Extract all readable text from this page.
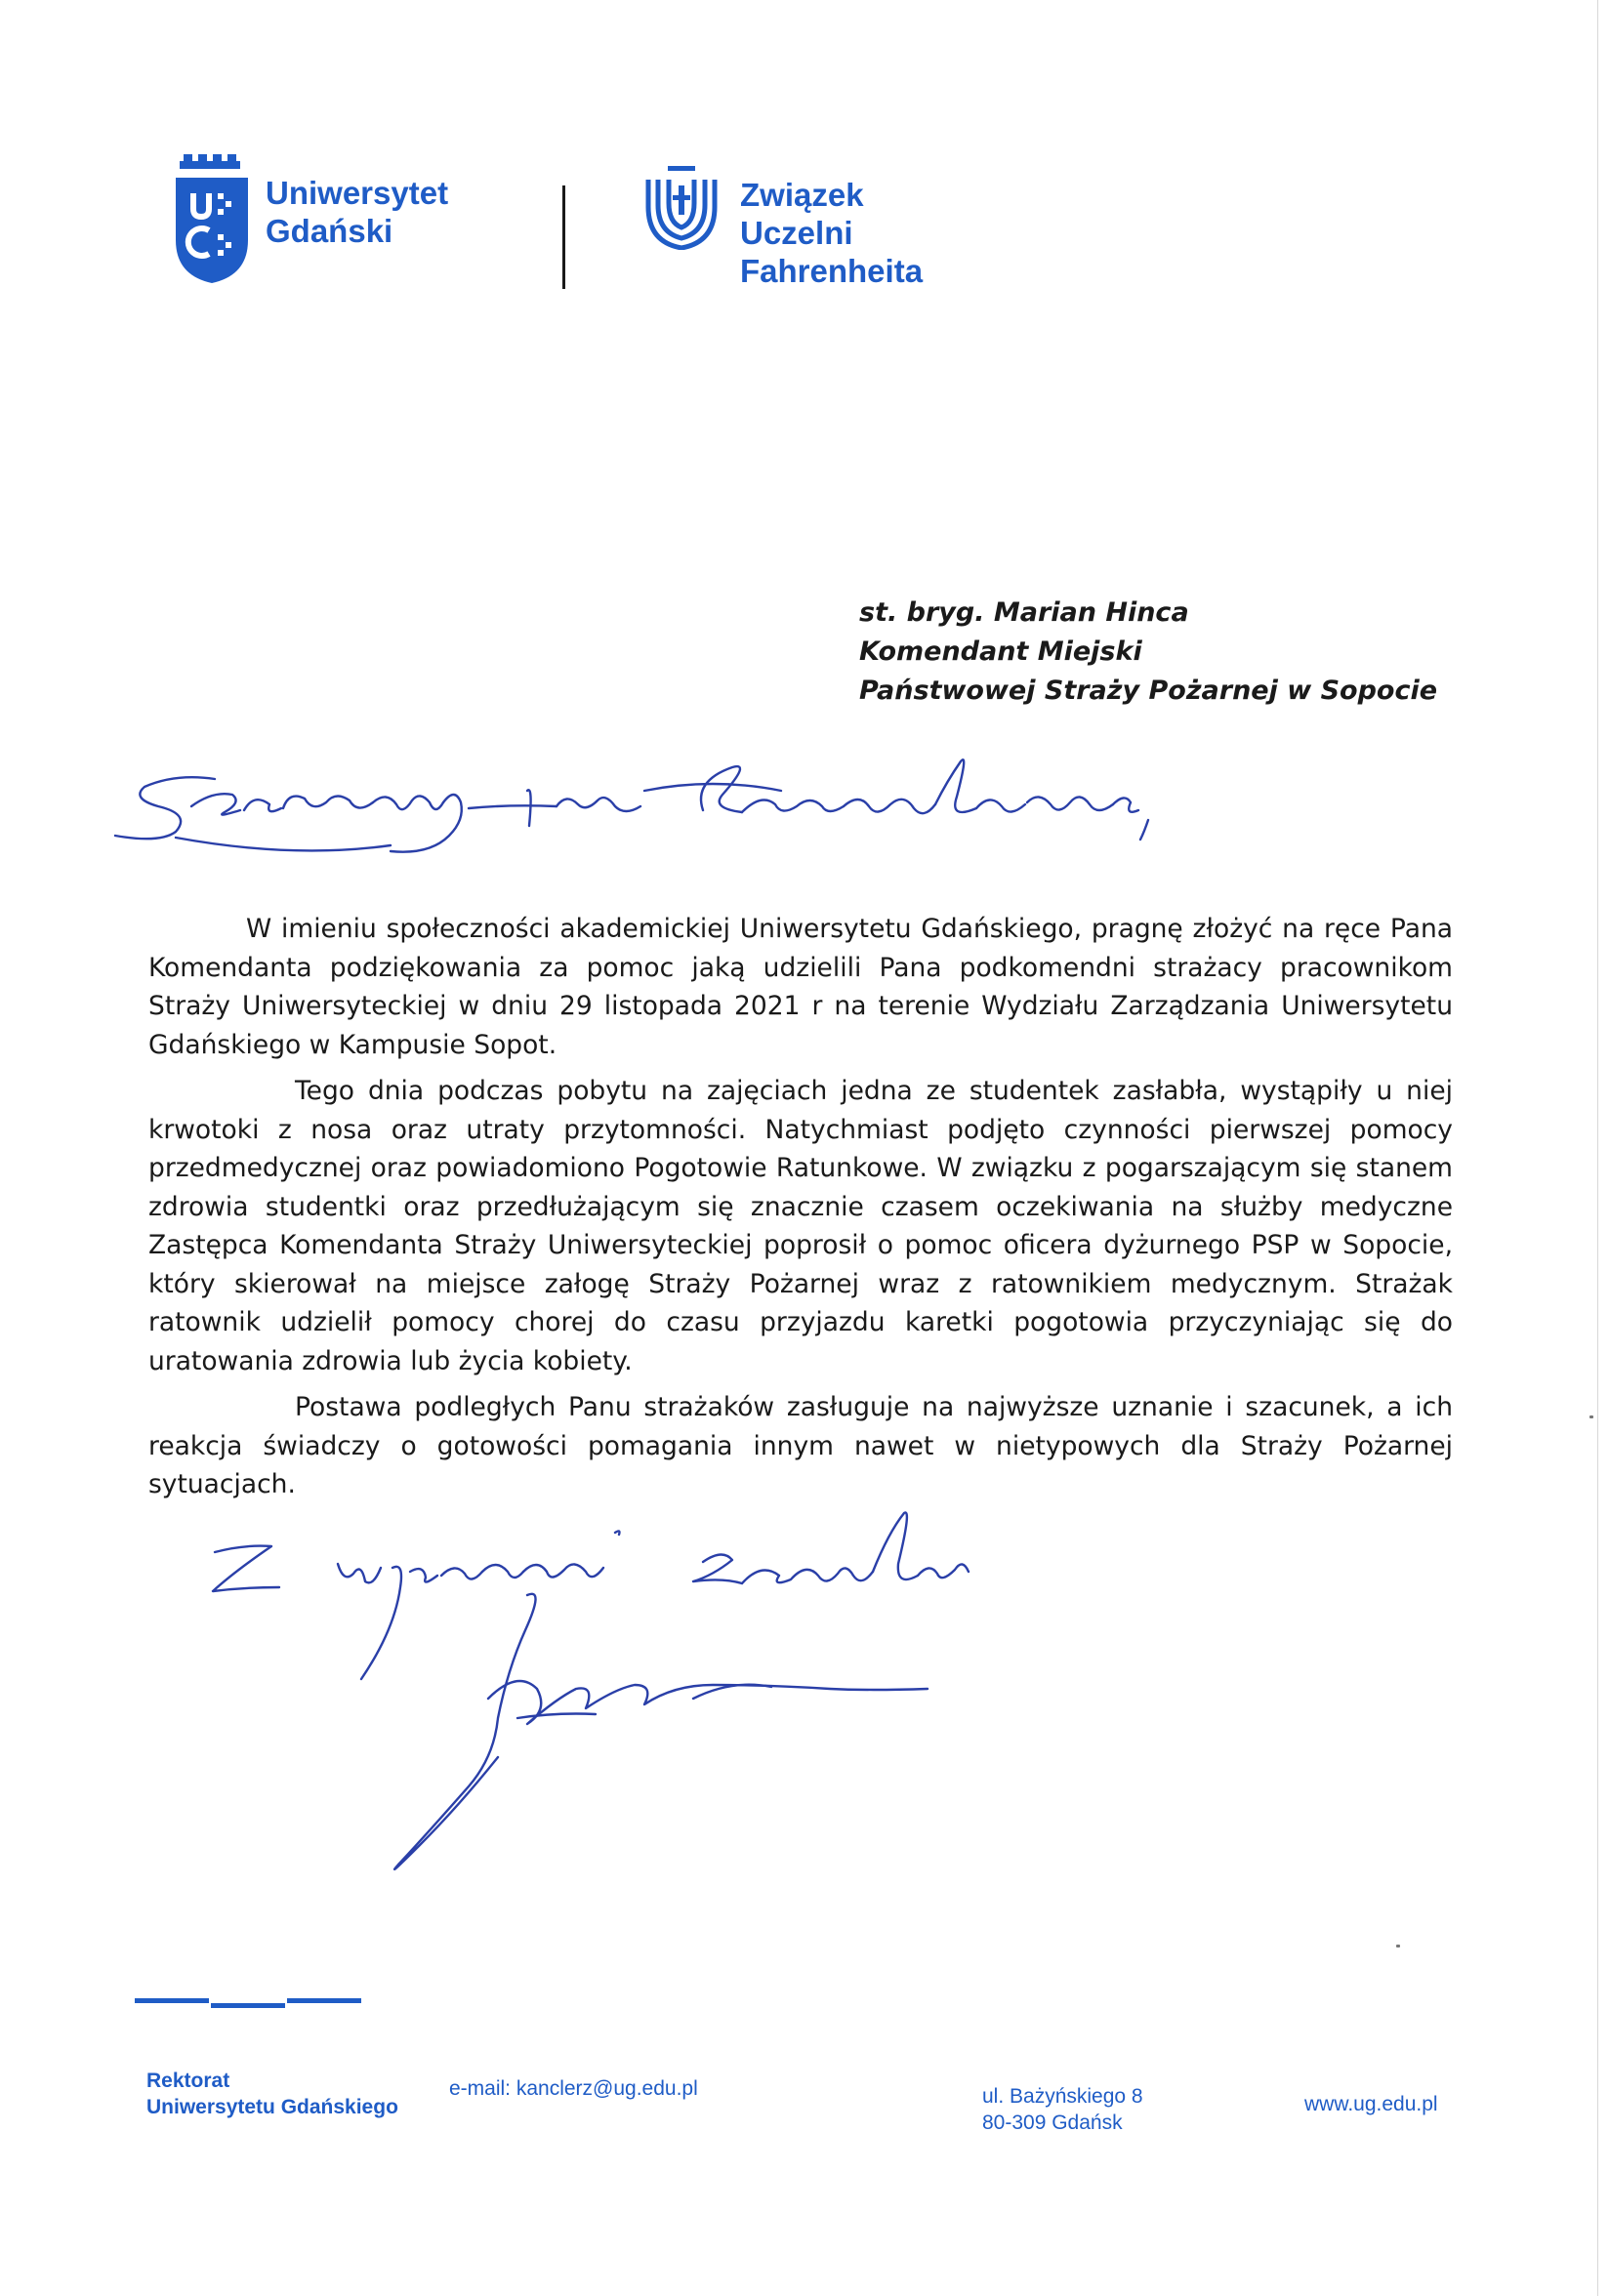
Uniwersytet
Gdański
Związek
Uczelni
Fahrenheita
st. bryg. Marian Hinca
Komendant Miejski
Państwowej Straży Pożarnej w Sopocie

W imieniu społeczności akademickiej Uniwersytetu Gdańskiego, pragnę złożyć na ręce Pana Komendanta podziękowania za pomoc jaką udzielili Pana podkomendni strażacy pracownikom Straży Uniwersyteckiej w dniu 29 listopada 2021 r na terenie Wydziału Zarządzania Uniwersytetu Gdańskiego w Kampusie Sopot.

Tego dnia podczas pobytu na zajęciach jedna ze studentek zasłabła, wystąpiły u niej krwotoki z nosa oraz utraty przytomności. Natychmiast podjęto czynności pierwszej pomocy przedmedycznej oraz powiadomiono Pogotowie Ratunkowe. W związku z pogarszającym się stanem zdrowia studentki oraz przedłużającym się znacznie czasem oczekiwania na służby medyczne Zastępca Komendanta Straży Uniwersyteckiej poprosił o pomoc oficera dyżurnego PSP w Sopocie, który skierował na miejsce załogę Straży Pożarnej wraz z ratownikiem medycznym. Strażak ratownik udzielił pomocy chorej do czasu przyjazdu karetki pogotowia przyczyniając się do uratowania zdrowia lub życia kobiety.

Postawa podległych Panu strażaków zasługuje na najwyższe uznanie i szacunek, a ich reakcja świadczy o gotowości pomagania innym nawet w nietypowych dla Straży Pożarnej sytuacjach.

Rektorat
Uniwersytetu Gdańskiego
e-mail: kanclerz@ug.edu.pl	ul. Bażyńskiego 8
80-309 Gdańsk
www.ug.edu.pl
